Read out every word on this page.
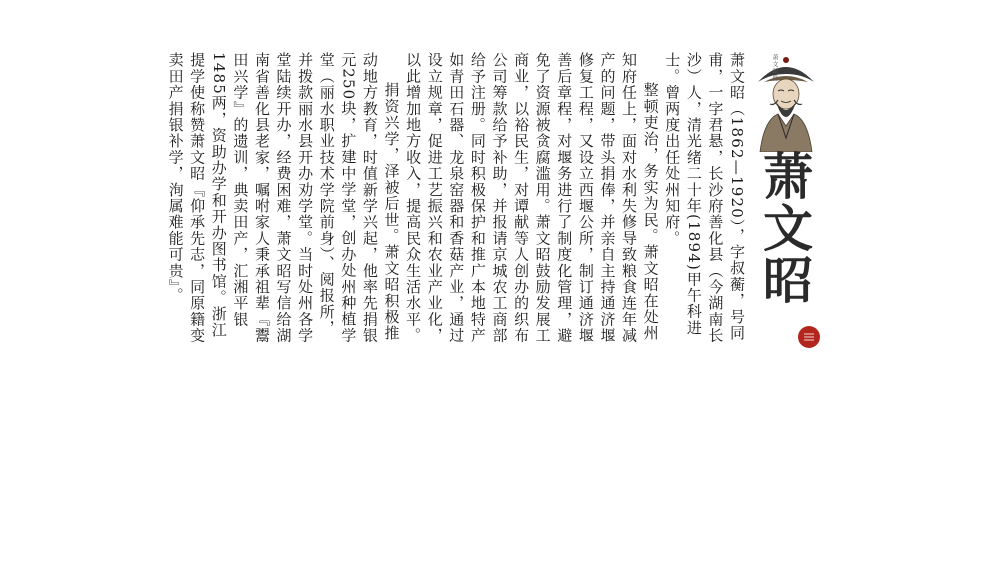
萧文昭像
萧文昭

萧文昭（1862—1920），字叔蘅，号同甫，一字君悬，长沙府善化县（今湖南长沙）人，清光绪二十年(1894)甲午科进士。曾两度出任处州知府。

整顿吏治，务实为民。萧文昭在处州知府任上，面对水利失修导致粮食连年减产的问题，带头捐俸，并亲自主持通济堰修复工程，又设立西堰公所，制订通济堰善后章程，对堰务进行了制度化管理，避免了资源被贪腐滥用。萧文昭鼓励发展工商业，以裕民生，对谭献等人创办的织布公司筹款给予补助，并报请京城农工商部给予注册。同时积极保护和推广本地特产如青田石器、龙泉窑器和香菇产业，通过设立规章，促进工艺振兴和农业产业化，以此增加地方收入，提高民众生活水平。

捐资兴学，泽被后世。萧文昭积极推动地方教育，时值新学兴起，他率先捐银元250块，扩建中学堂，创办处州种植学堂（丽水职业技术学院前身）、阅报所，并拨款丽水县开办劝学堂。当时处州各学堂陆续开办，经费困难，萧文昭写信给湖南省善化县老家，嘱咐家人秉承祖辈『鬻田兴学』的遗训，典卖田产，汇湘平银1485两，资助办学和开办图书馆。浙江提学使称赞萧文昭『仰承先志，同原籍变卖田产捐银补学，洵属难能可贵』。
